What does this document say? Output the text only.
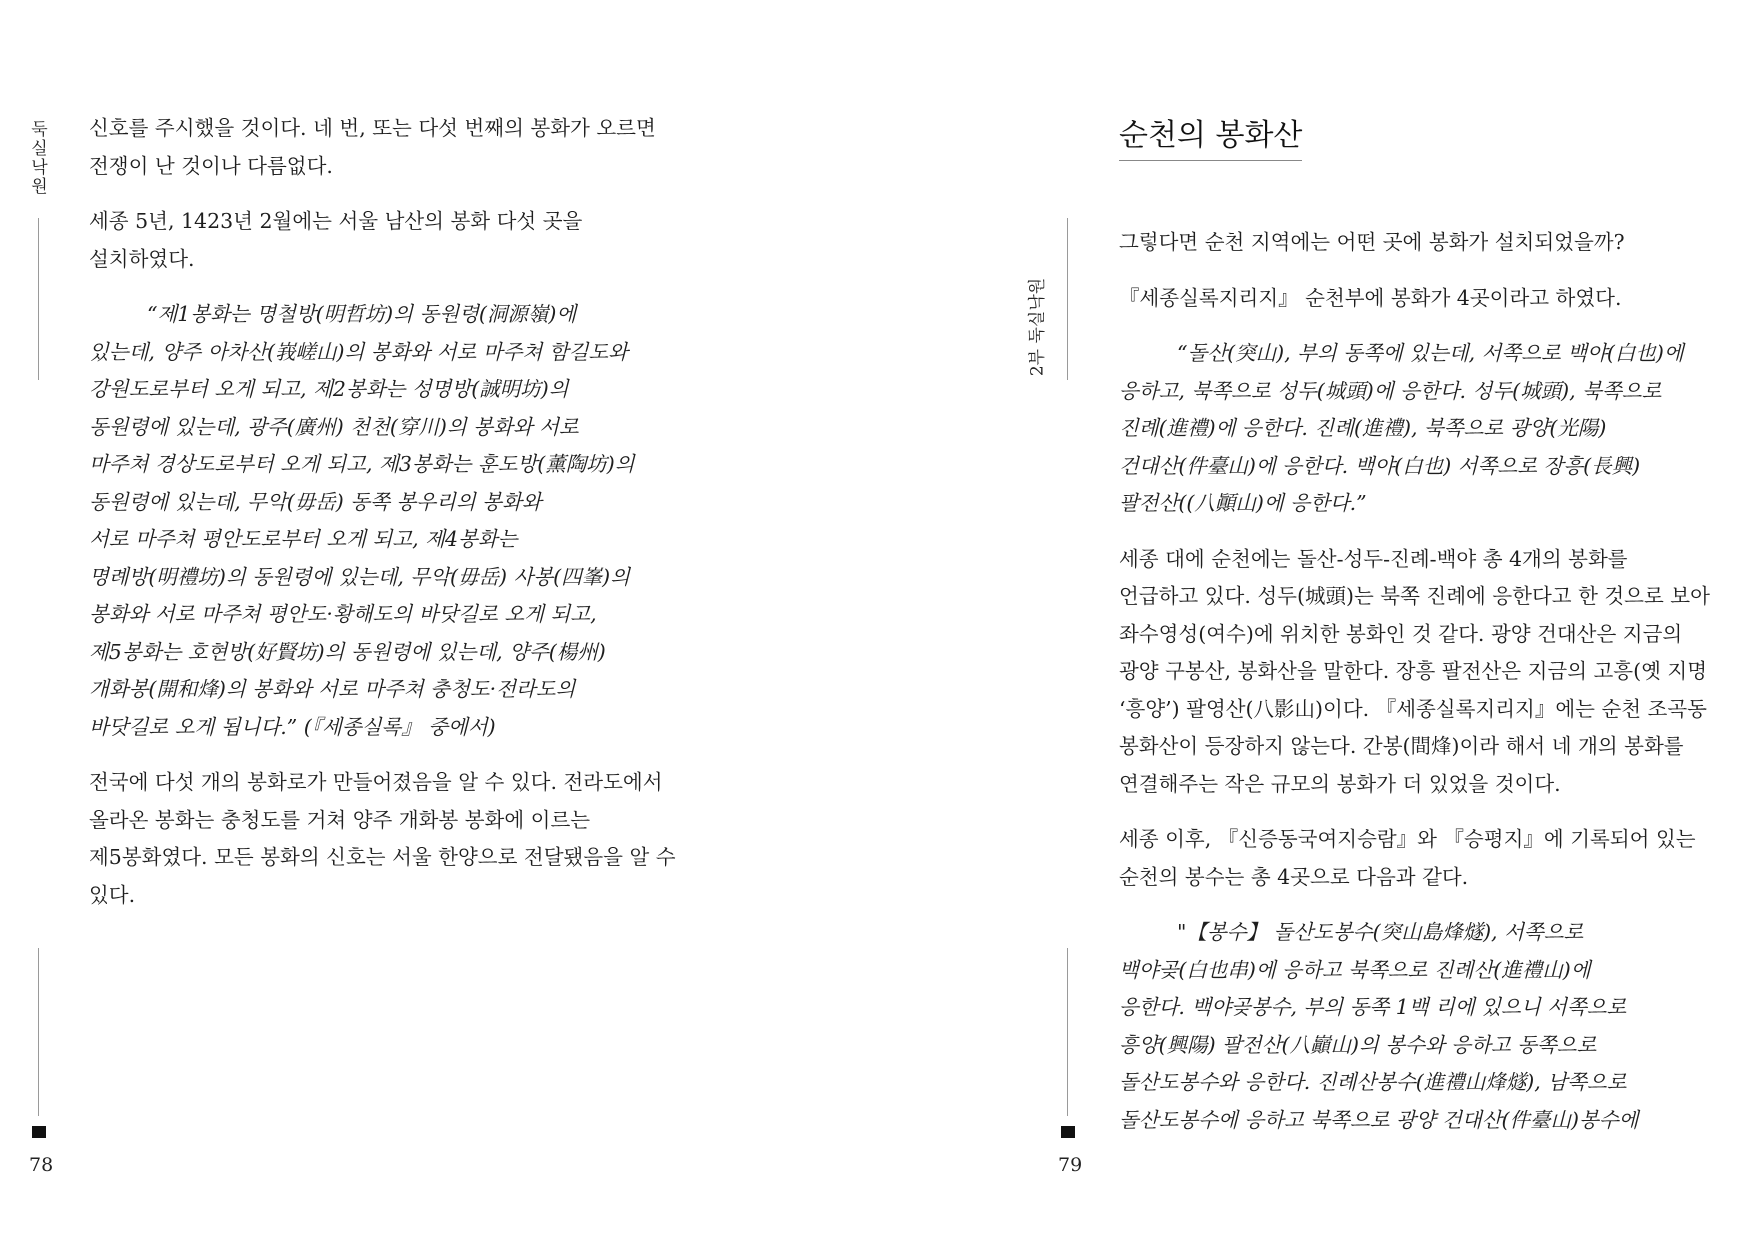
둑실낙원
78

신호를 주시했을 것이다. 네 번, 또는 다섯 번째의 봉화가 오르면
전쟁이 난 것이나 다름없다.

세종 5년, 1423년 2월에는 서울 남산의 봉화 다섯 곳을
설치하였다.

“제1봉화는 명철방(明哲坊)의 동원령(洞源嶺)에
있는데, 양주 아차산(峩嵯山)의 봉화와 서로 마주쳐 함길도와
강원도로부터 오게 되고, 제2봉화는 성명방(誠明坊)의
동원령에 있는데, 광주(廣州) 천천(穿川)의 봉화와 서로
마주쳐 경상도로부터 오게 되고, 제3봉화는 훈도방(薰陶坊)의
동원령에 있는데, 무악(毋岳) 동쪽 봉우리의 봉화와
서로 마주쳐 평안도로부터 오게 되고, 제4봉화는
명례방(明禮坊)의 동원령에 있는데, 무악(毋岳) 사봉(四峯)의
봉화와 서로 마주쳐 평안도·황해도의 바닷길로 오게 되고,
제5봉화는 호현방(好賢坊)의 동원령에 있는데, 양주(楊州)
개화봉(開和烽)의 봉화와 서로 마주쳐 충청도·전라도의
바닷길로 오게 됩니다.” (『세종실록』 중에서)

전국에 다섯 개의 봉화로가 만들어졌음을 알 수 있다. 전라도에서
올라온 봉화는 충청도를 거쳐 양주 개화봉 봉화에 이르는
제5봉화였다. 모든 봉화의 신호는 서울 한양으로 전달됐음을 알 수
있다.

2부 둑실낙원
79
순천의 봉화산

그렇다면 순천 지역에는 어떤 곳에 봉화가 설치되었을까?

『세종실록지리지』 순천부에 봉화가 4곳이라고 하였다.

“돌산(突山), 부의 동쪽에 있는데, 서쪽으로 백야(白也)에
응하고, 북쪽으로 성두(城頭)에 응한다. 성두(城頭), 북쪽으로
진례(進禮)에 응한다. 진례(進禮), 북쪽으로 광양(光陽)
건대산(件臺山)에 응한다. 백야(白也) 서쪽으로 장흥(長興)
팔전산((八顚山)에 응한다.”

세종 대에 순천에는 돌산-성두-진례-백야 총 4개의 봉화를
언급하고 있다. 성두(城頭)는 북쪽 진례에 응한다고 한 것으로 보아
좌수영성(여수)에 위치한 봉화인 것 같다. 광양 건대산은 지금의
광양 구봉산, 봉화산을 말한다. 장흥 팔전산은 지금의 고흥(옛 지명
‘흥양’) 팔영산(八影山)이다. 『세종실록지리지』에는 순천 조곡동
봉화산이 등장하지 않는다. 간봉(間烽)이라 해서 네 개의 봉화를
연결해주는 작은 규모의 봉화가 더 있었을 것이다.

세종 이후, 『신증동국여지승람』와 『승평지』에 기록되어 있는
순천의 봉수는 총 4곳으로 다음과 같다.

"【봉수】 돌산도봉수(突山島烽燧), 서쪽으로
백야곶(白也串)에 응하고 북쪽으로 진례산(進禮山)에
응한다. 백야곶봉수, 부의 동쪽 1백 리에 있으니 서쪽으로
흥양(興陽) 팔전산(八巓山)의 봉수와 응하고 동쪽으로
돌산도봉수와 응한다. 진례산봉수(進禮山烽燧), 남쪽으로
돌산도봉수에 응하고 북쪽으로 광양 건대산(件臺山)봉수에
